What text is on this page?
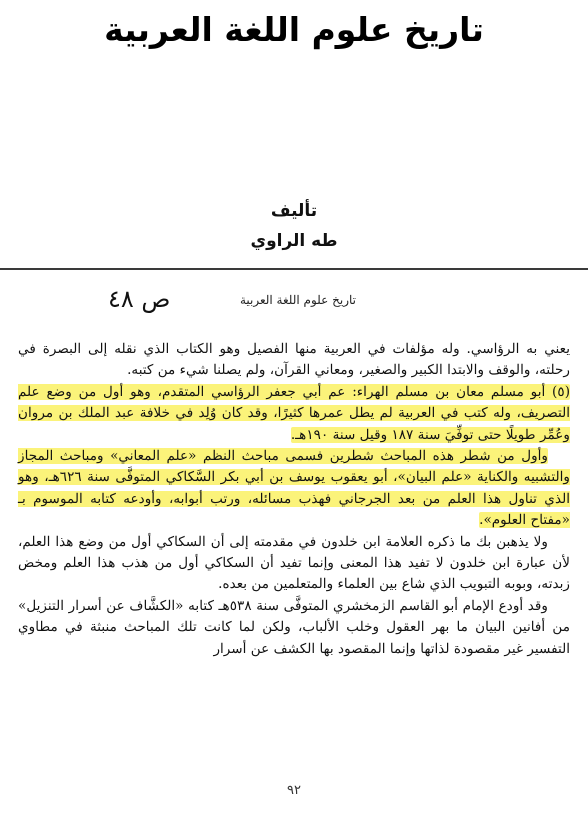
تاريخ علوم اللغة العربية
تأليف
طه الراوي
تاريخ علوم اللغة العربية
ص ٤٨

يعني به الرؤاسي. وله مؤلفات في العربية منها الفصيل وهو الكتاب الذي نقله إلى البصرة في رحلته، والوقف والابتدا الكبير والصغير، ومعاني القرآن، ولم يصلنا شيء من كتبه.

(٥) أبو مسلم معان بن مسلم الهراء: عم أبي جعفر الرؤاسي المتقدم، وهو أول من وضع علم التصريف، وله كتب في العربية لم يطل عمرها كثيرًا، وقد كان وُلِد في خلافة عبد الملك بن مروان وعُمِّر طويلًا حتى توفِّيَ سنة ١٨٧ وقيل سنة ١٩٠هـ.

وأول من شطر هذه المباحث شطرين فسمى مباحث النظم «علم المعاني» ومباحث المجاز والتشبيه والكناية «علم البيان»، أبو يعقوب يوسف بن أبي بكر السَّكاكي المتوفَّى سنة ٦٢٦هـ، وهو الذي تناول هذا العلم من بعد الجرجاني فهذب مسائله، ورتب أبوابه، وأودعه كتابه الموسوم بـ «مفتاح العلوم».

ولا يذهبن بك ما ذكره العلامة ابن خلدون في مقدمته إلى أن السكاكي أول من وضع هذا العلم، لأن عبارة ابن خلدون لا تفيد هذا المعنى وإنما تفيد أن السكاكي أول من هذب هذا العلم ومخض زبدته، وبوبه التبويب الذي شاع بين العلماء والمتعلمين من بعده.

وقد أودع الإمام أبو القاسم الزمخشري المتوفَّى سنة ٥٣٨هـ كتابه «الكشَّاف عن أسرار التنزيل» من أفانين البيان ما بهر العقول وخلب الألباب، ولكن لما كانت تلك المباحث منبثة في مطاوي التفسير غير مقصودة لذاتها وإنما المقصود بها الكشف عن أسرار

٩٢
